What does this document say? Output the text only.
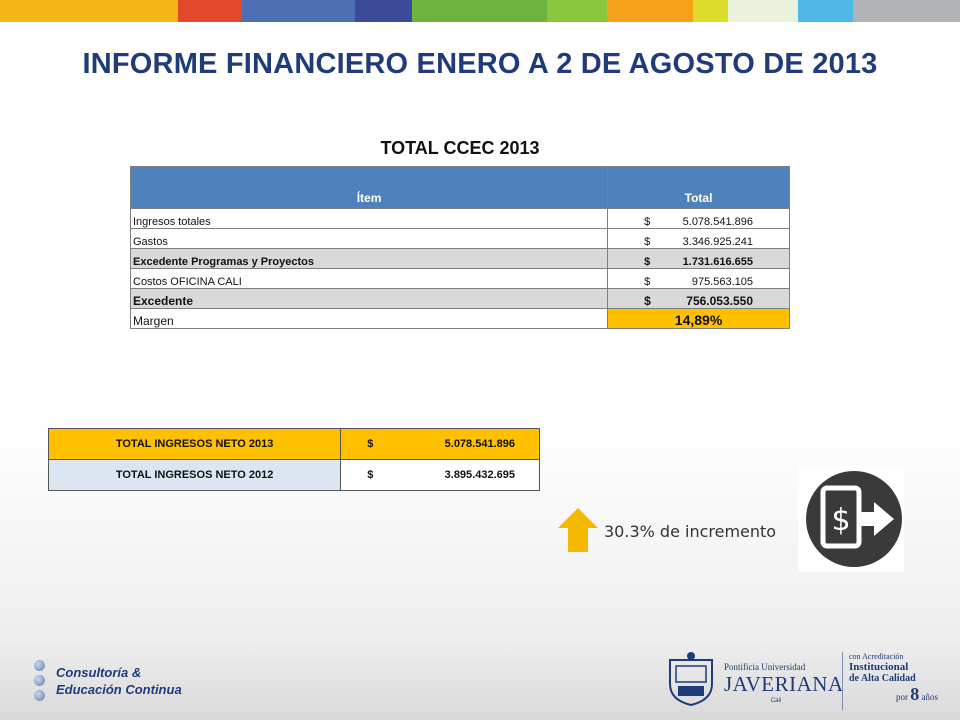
INFORME FINANCIERO ENERO A 2 DE AGOSTO DE 2013
TOTAL CCEC 2013	
Ítem	Total
Ingresos totales	$ 5.078.541.896

Gastos	$ 3.346.925.241

Excedente Programas y Proyectos	$ 1.731.616.655

Costos OFICINA CALI	$ 975.563.105

Excedente	$ 756.053.550

Margen	14,89%
TOTAL INGRESOS NETO 2013	$ 5.078.541.896

TOTAL INGRESOS NETO 2012	$ 3.895.432.695
30.3% de incremento $
Consultoría &
Educación Continua
Pontificia Universidad
JAVERIANA
Cali
con Acreditación
Institucional
de Alta Calidad
por 8 años
